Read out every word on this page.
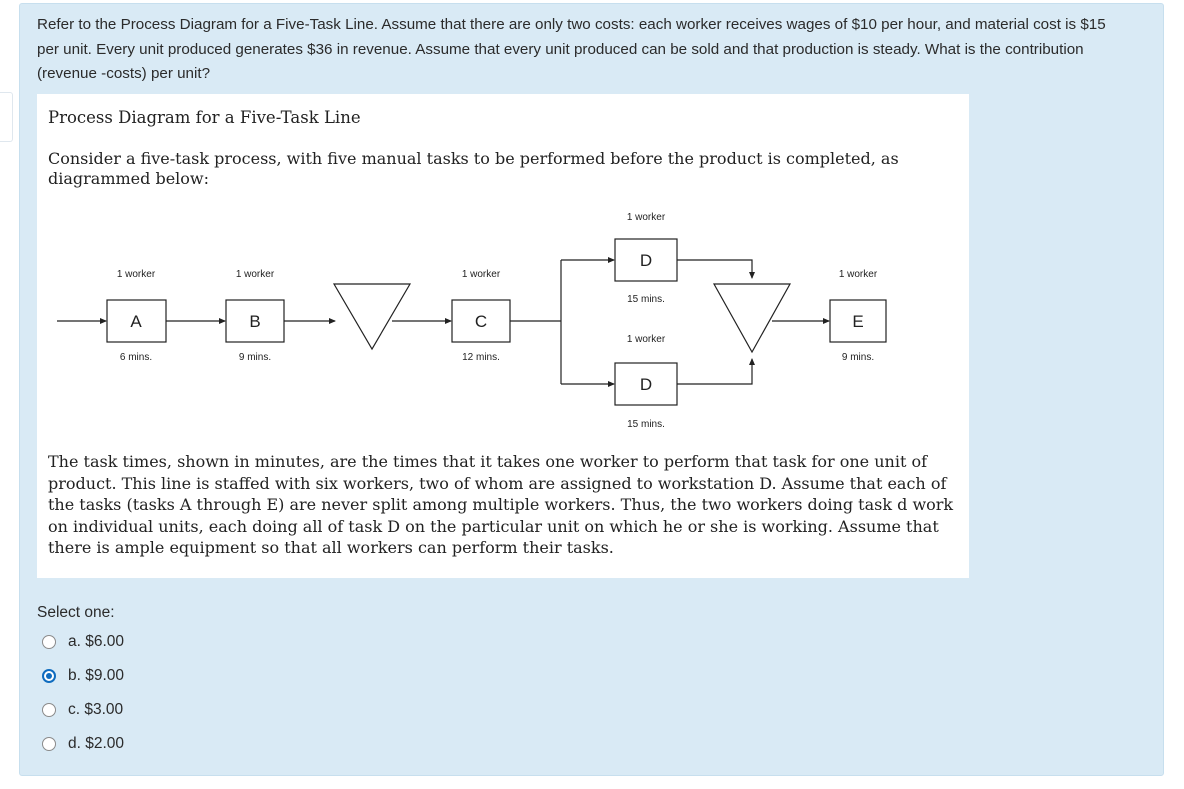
Refer to the Process Diagram for a Five-Task Line. Assume that there are only two costs: each worker receives wages of $10 per hour, and material cost is $15 per unit. Every unit produced generates $36 in revenue. Assume that every unit produced can be sold and that production is steady. What is the contribution (revenue -costs) per unit?
Process Diagram for a Five-Task Line
Consider a five-task process, with five manual tasks to be performed before the product is completed, as diagrammed below:
A	B	C
D
D
E
1 worker	1 worker	1 worker
1 worker
1 worker
1 worker
6 mins.	9 mins.	12 mins.
15 mins.
15 mins.
9 mins.
The task times, shown in minutes, are the times that it takes one worker to perform that task for one unit of product. This line is staffed with six workers, two of whom are assigned to workstation D. Assume that each of the tasks (tasks A through E) are never split among multiple workers. Thus, the two workers doing task d work on individual units, each doing all of task D on the particular unit on which he or she is working. Assume that there is ample equipment so that all workers can perform their tasks.
Select one:
a. $6.00
b. $9.00
c. $3.00
d. $2.00
